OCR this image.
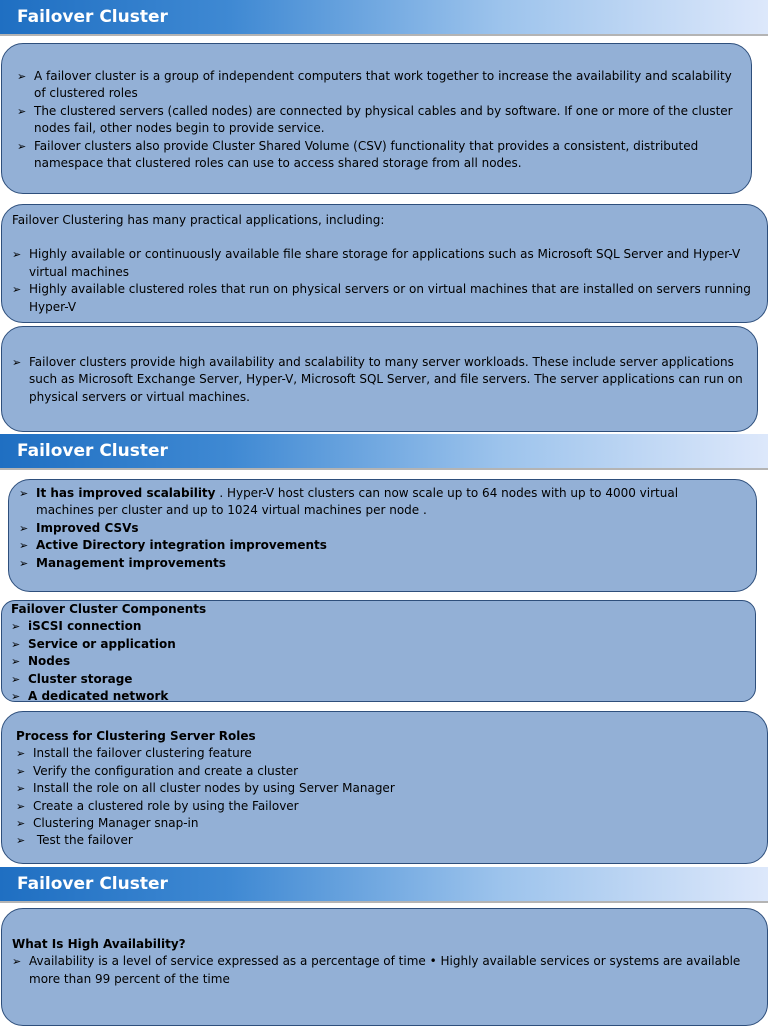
Failover Cluster
➢ A failover cluster is a group of independent computers that work together to increase the availability and scalability of clustered roles
➢ The clustered servers (called nodes) are connected by physical cables and by software. If one or more of the cluster nodes fail, other nodes begin to provide service.
➢ Failover clusters also provide Cluster Shared Volume (CSV) functionality that provides a consistent, distributed namespace that clustered roles can use to access shared storage from all nodes.

Failover Clustering has many practical applications, including:

➢ Highly available or continuously available file share storage for applications such as Microsoft SQL Server and Hyper-V virtual machines
➢ Highly available clustered roles that run on physical servers or on virtual machines that are installed on servers running Hyper-V
➢ Failover clusters provide high availability and scalability to many server workloads. These include server applications such as Microsoft Exchange Server, Hyper-V, Microsoft SQL Server, and file servers. The server applications can run on physical servers or virtual machines.
Failover Cluster
➢ It has improved scalability . Hyper-V host clusters can now scale up to 64 nodes with up to 4000 virtual machines per cluster and up to 1024 virtual machines per node .
➢ Improved CSVs
➢ Active Directory integration improvements
➢ Management improvements

Failover Cluster Components

➢ iSCSI connection
➢ Service or application
➢ Nodes
➢ Cluster storage
➢ A dedicated network

Process for Clustering Server Roles

➢ Install the failover clustering feature
➢ Verify the configuration and create a cluster
➢ Install the role on all cluster nodes by using Server Manager
➢ Create a clustered role by using the Failover
➢ Clustering Manager snap-in
➢ Test the failover
Failover Cluster

What Is High Availability?

➢ Availability is a level of service expressed as a percentage of time • Highly available services or systems are available more than 99 percent of the time
